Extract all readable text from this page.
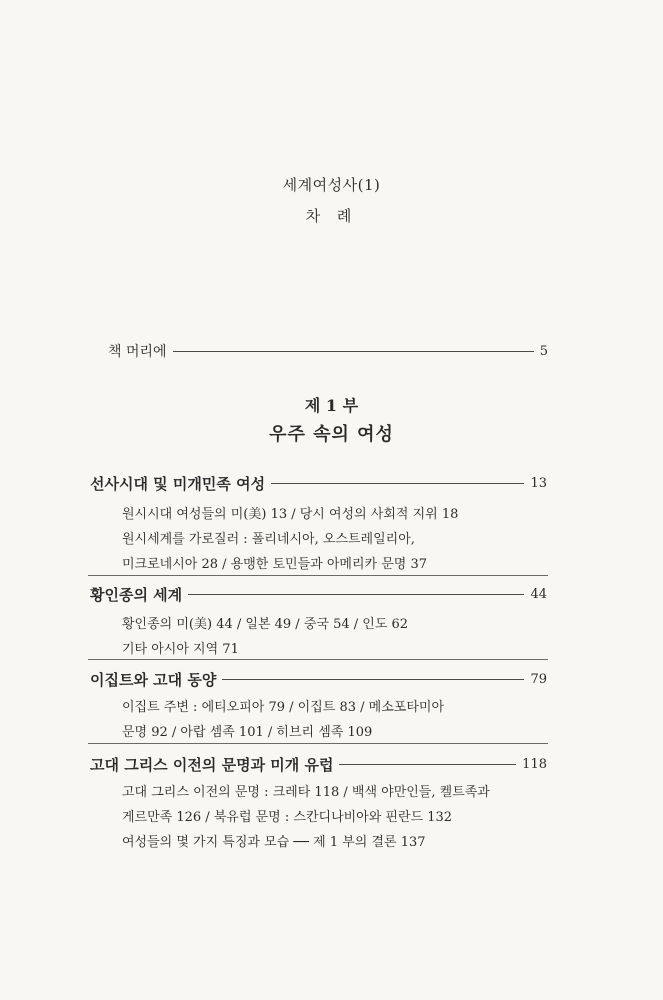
세계여성사(1)
차 례
책 머리에	5
제 1 부
우주 속의 여성
선사시대 및 미개민족 여성	13
원시시대 여성들의 미(美) 13 / 당시 여성의 사회적 지위 18
원시세계를 가로질러 : 폴리네시아, 오스트레일리아,
미크로네시아 28 / 용맹한 토민들과 아메리카 문명 37
황인종의 세계	44
황인종의 미(美) 44 / 일본 49 / 중국 54 / 인도 62
기타 아시아 지역 71
이집트와 고대 동양	79
이집트 주변 : 에티오피아 79 / 이집트 83 / 메소포타미아
문명 92 / 아랍 셈족 101 / 히브리 셈족 109
고대 그리스 이전의 문명과 미개 유럽	118
고대 그리스 이전의 문명 : 크레타 118 / 백색 야만인들, 켈트족과
게르만족 126 / 북유럽 문명 : 스칸디나비아와 핀란드 132
여성들의 몇 가지 특징과 모습 ── 제 1 부의 결론 137
